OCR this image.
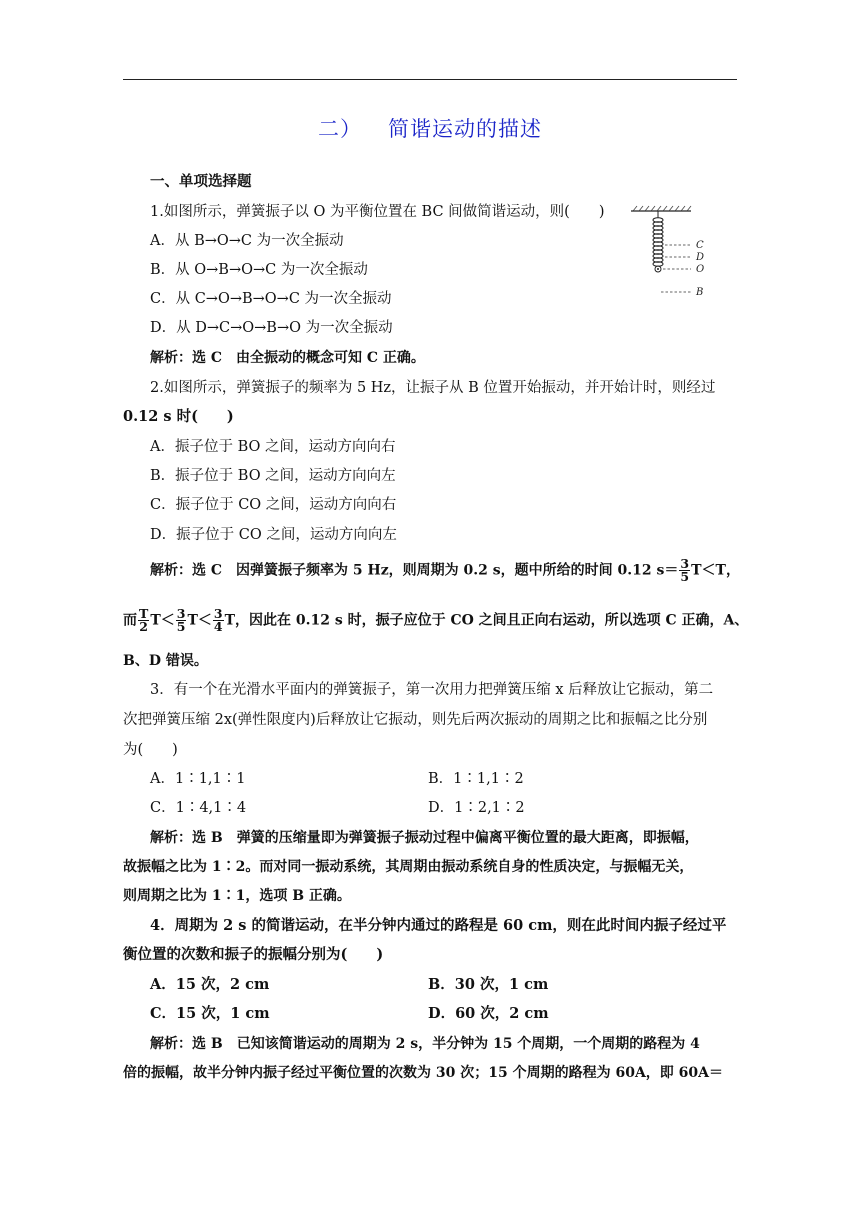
二） 简谐运动的描述
一、单项选择题
1.如图所示，弹簧振子以 O 为平衡位置在 BC 间做简谐运动，则(　　)
A．从 B→O→C 为一次全振动
B．从 O→B→O→C 为一次全振动
C．从 C→O→B→O→C 为一次全振动
D．从 D→C→O→B→O 为一次全振动
解析：选 C　由全振动的概念可知 C 正确。
C
D
O
B
2.如图所示，弹簧振子的频率为 5 Hz，让振子从 B 位置开始振动，并开始计时，则经过
0.12 s 时(　　)
A．振子位于 BO 之间，运动方向向右
B．振子位于 BO 之间，运动方向向左
C．振子位于 CO 之间，运动方向向右
D．振子位于 CO 之间，运动方向向左
解析：选 C　因弹簧振子频率为 5 Hz，则周期为 0.2 s，题中所给的时间 0.12 $s= \frac{3}{5} T<T$，
而 $\frac{T}{2} T< \frac{3}{5} T< \frac{3}{4}$ T，因此在 0.12 s 时，振子应位于 CO 之间且正向右运动，所以选项 C 正确，A、
B、D 错误。
3．有一个在光滑水平面内的弹簧振子，第一次用力把弹簧压缩 x 后释放让它振动，第二
次把弹簧压缩 2x(弹性限度内)后释放让它振动，则先后两次振动的周期之比和振幅之比分别
为(　　)
A．1∶1,1∶1	B．1∶1,1∶2
C．1∶4,1∶4	D．1∶2,1∶2
解析：选 B　弹簧的压缩量即为弹簧振子振动过程中偏离平衡位置的最大距离，即振幅，
故振幅之比为 1∶2。而对同一振动系统，其周期由振动系统自身的性质决定，与振幅无关，
则周期之比为 1∶1，选项 B 正确。
4．周期为 2 s 的简谐运动，在半分钟内通过的路程是 60 cm，则在此时间内振子经过平
衡位置的次数和振子的振幅分别为(　　)
A．15 次，2 cm	B．30 次，1 cm
C．15 次，1 cm	D．60 次，2 cm
解析：选 B　已知该简谐运动的周期为 2 s，半分钟为 15 个周期，一个周期的路程为 4
倍的振幅，故半分钟内振子经过平衡位置的次数为 30 次；15 个周期的路程为 60A，即 60A＝
